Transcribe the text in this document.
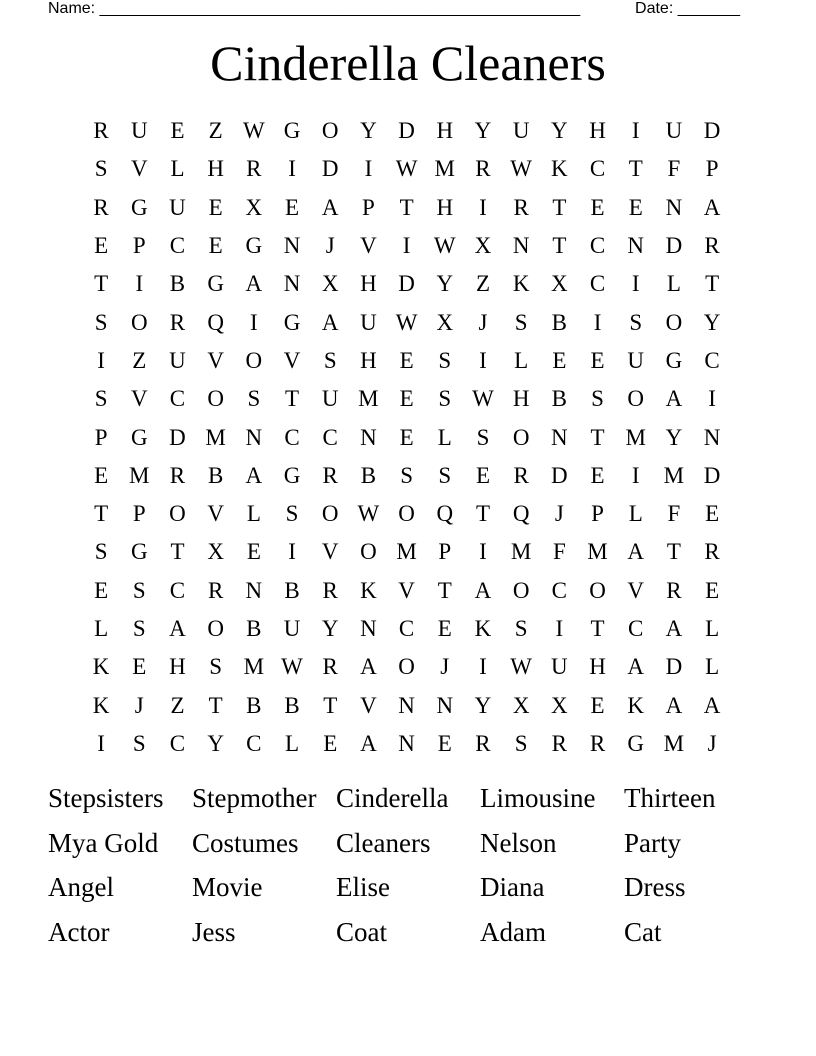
Name: ______________________________________________________	Date: _______
Cinderella Cleaners
R U E	Z W G O Y D H Y U Y H	I	U D
S	V L H R	I	D	I	W M R W K C	T	F	P
R G U E X E A	P	T H	I	R	T	E	E N A
E	P	C	E G N	J	V	I	W X N T	C N D R
T	I	B G A N X H D Y Z K X C	I	L	T
S	O R Q	I	G A U W X	J	S	B	I	S	O Y
I	Z U V O V	S	H E	S	I	L	E	E U G C
S	V C O	S	T U M E	S W H B	S	O A	I
P	G D M N C C N E	L	S	O N T M Y N
E M R B A G R B	S	S	E	R D E	I	M D
T	P	O V L	S	O W O Q T Q	J	P	L	F	E
S	G T X E	I	V O M P	I	M F M A T	R
E	S	C R N B R K V T A O C O V R	E
L	S	A O B U Y N C	E K	S	I	T	C A L
K E H	S M W R A O	J	I	W U H A D L
K	J	Z	T	B B	T V N N Y X X E K A A
I	S	C Y C	L	E A N E	R	S	R R G M	J
Stepsisters	Stepmother Cinderella	Limousine	Thirteen
Mya Gold	Costumes	Cleaners	Nelson	Party
Angel	Movie	Elise	Diana	Dress
Actor	Jess	Coat	Adam	Cat
